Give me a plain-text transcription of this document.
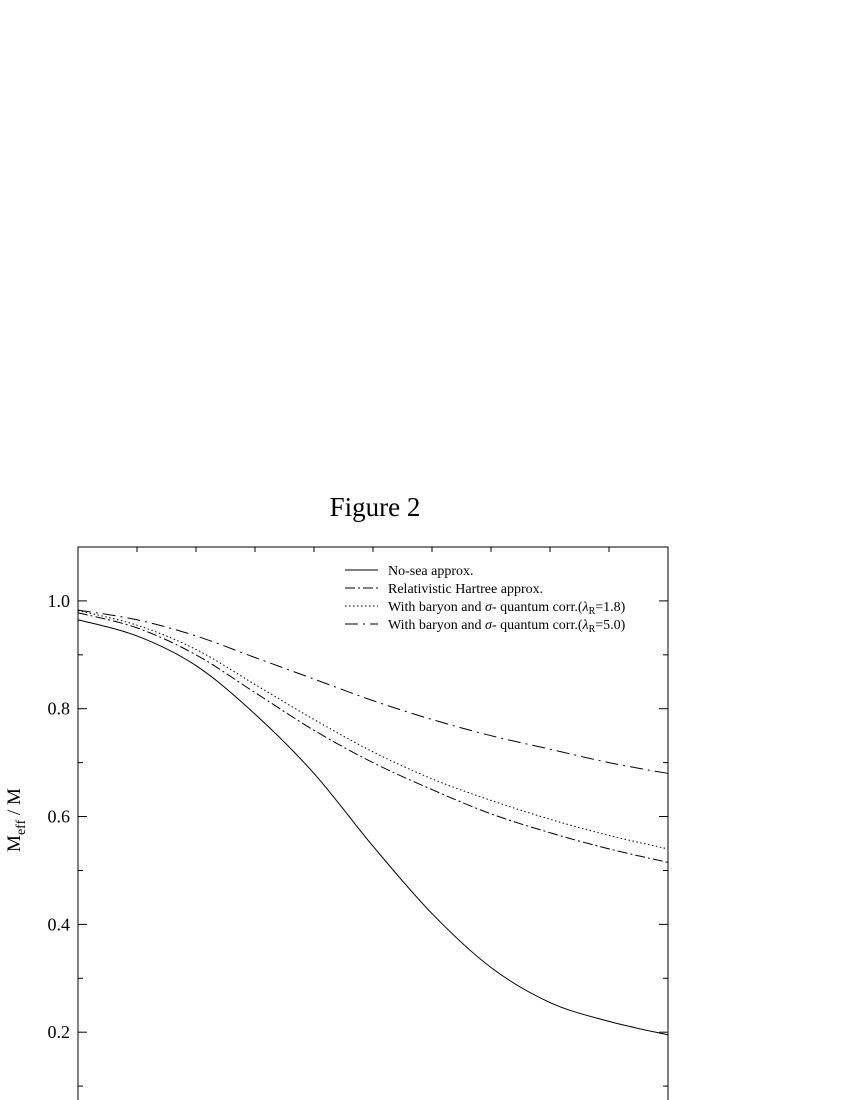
Figure 2
0.2
0.4
0.6
0.8
1.0
No-sea approx.
Relativistic Hartree approx.
With baryon and σ- quantum $corr.(\lambda_R=1.8)$
With baryon and σ- quantum $corr.(\lambda_R=5.0)$
$M_{eff}$ / M
